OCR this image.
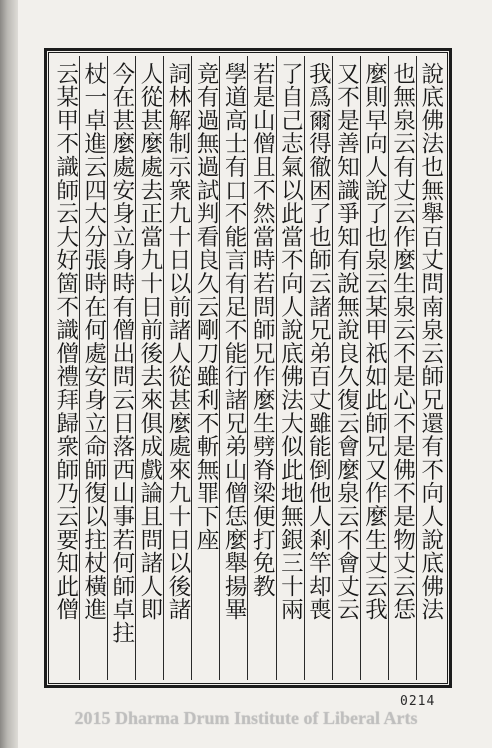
說底佛法也無舉百丈問南泉云師兄還有不向人說底佛法
也無泉云有丈云作麼生泉云不是心不是佛不是物丈云恁
麼則早向人說了也泉云某甲祇如此師兄又作麼生丈云我
又不是善知識爭知有說無說良久復云會麼泉云不會丈云
我爲爾得徹困了也師云諸兄弟百丈雖能倒他人剎竿却喪
了自己志氣以此當不向人說底佛法大似此地無銀三十兩
若是山僧且不然當時若問師兄作麼生劈脊梁便打免教
學道高士有口不能言有足不能行諸兄弟山僧恁麼舉揚畢
竟有過無過試判看良久云剛刀雖利不斬無罪下座
詞林解制示衆九十日以前諸人從甚麼處來九十日以後諸
人從甚麼處去正當九十日前後去來俱成戲論且問諸人即
今在甚麼處安身立身時有僧出問云日落西山事若何師卓拄
杖一卓進云四大分張時在何處安身立命師復以拄杖橫進
云某甲不識師云大好箇不識僧禮拜歸衆師乃云要知此僧
0214
2015 Dharma Drum Institute of Liberal Arts
